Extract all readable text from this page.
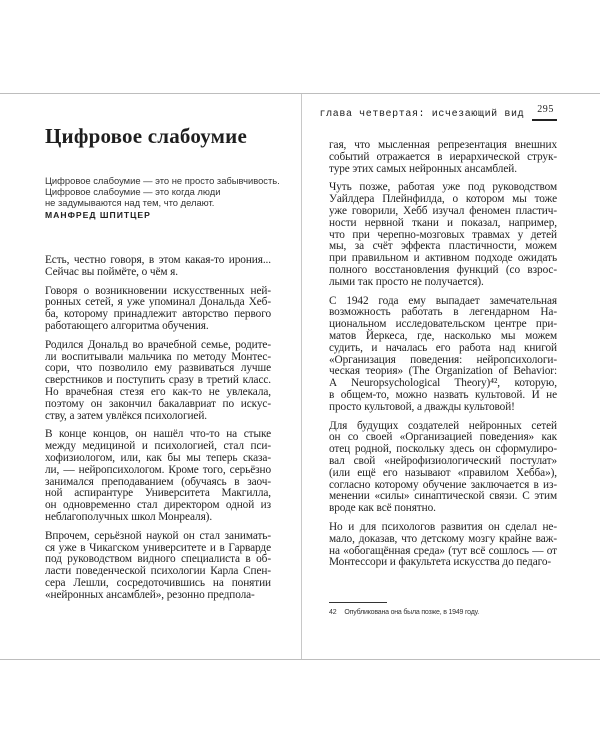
Цифровое слабоумие
Цифровое слабоумие — это не просто забывчивость.
Цифровое слабоумие — это когда люди
не задумываются над тем, что делают.
МАНФРЕД ШПИТЦЕР
Есть, честно говоря, в этом какая-то ирония...
Сейчас вы поймёте, о чём я.
Говоря о возникновении искусственных ней-
ронных сетей, я уже упоминал Дональда Хеб-
ба, которому принадлежит авторство первого
работающего алгоритма обучения.
Родился Дональд во врачебной семье, родите-
ли воспитывали мальчика по методу Монтес-
сори, что позволило ему развиваться лучше
сверстников и поступить сразу в третий класс.
Но врачебная стезя его как-то не увлекала,
поэтому он закончил бакалавриат по искус-
ству, а затем увлёкся психологией.
В конце концов, он нашёл что-то на стыке
между медициной и психологией, стал пси-
хофизиологом, или, как бы мы теперь сказа-
ли, — нейропсихологом. Кроме того, серьёзно
занимался преподаванием (обучаясь в заоч-
ной аспирантуре Университета Макгилла,
он одновременно стал директором одной из
неблагополучных школ Монреаля).
Впрочем, серьёзной наукой он стал занимать-
ся уже в Чикагском университете и в Гарварде
под руководством видного специалиста в об-
ласти поведенческой психологии Карла Спен-
сера Лешли, сосредоточившись на понятии
«нейронных ансамблей», резонно предпола-
глава четвертая: исчезающий вид	295
гая, что мысленная репрезентация внешних
событий отражается в иерархической струк-
туре этих самых нейронных ансамблей.
Чуть позже, работая уже под руководством
Уайлдера Плейнфилда, о котором мы тоже
уже говорили, Хебб изучал феномен пластич-
ности нервной ткани и показал, например,
что при черепно-мозговых травмах у детей
мы, за счёт эффекта пластичности, можем
при правильном и активном подходе ожидать
полного восстановления функций (со взрос-
лыми так просто не получается).
С 1942 года ему выпадает замечательная
возможность работать в легендарном На-
циональном исследовательском центре при-
матов Йеркеса, где, насколько мы можем
судить, и началась его работа над книгой
«Организация поведения: нейропсихологи-
ческая теория» (The Organization of Behavior:
A Neuropsychological Theory)⁴², которую,
в общем-то, можно назвать культовой. И не
просто культовой, а дважды культовой!
Для будущих создателей нейронных сетей
он со своей «Организацией поведения» как
отец родной, поскольку здесь он сформулиро-
вал свой «нейрофизиологический постулат»
(или ещё его называют «правилом Хебба»),
согласно которому обучение заключается в из-
менении «силы» синаптической связи. С этим
вроде как всё понятно.
Но и для психологов развития он сделал не-
мало, доказав, что детскому мозгу крайне важ-
на «обогащённая среда» (тут всё сошлось — от
Монтессори и факультета искусства до педаго-
42 Опубликована она была позже, в 1949 году.
